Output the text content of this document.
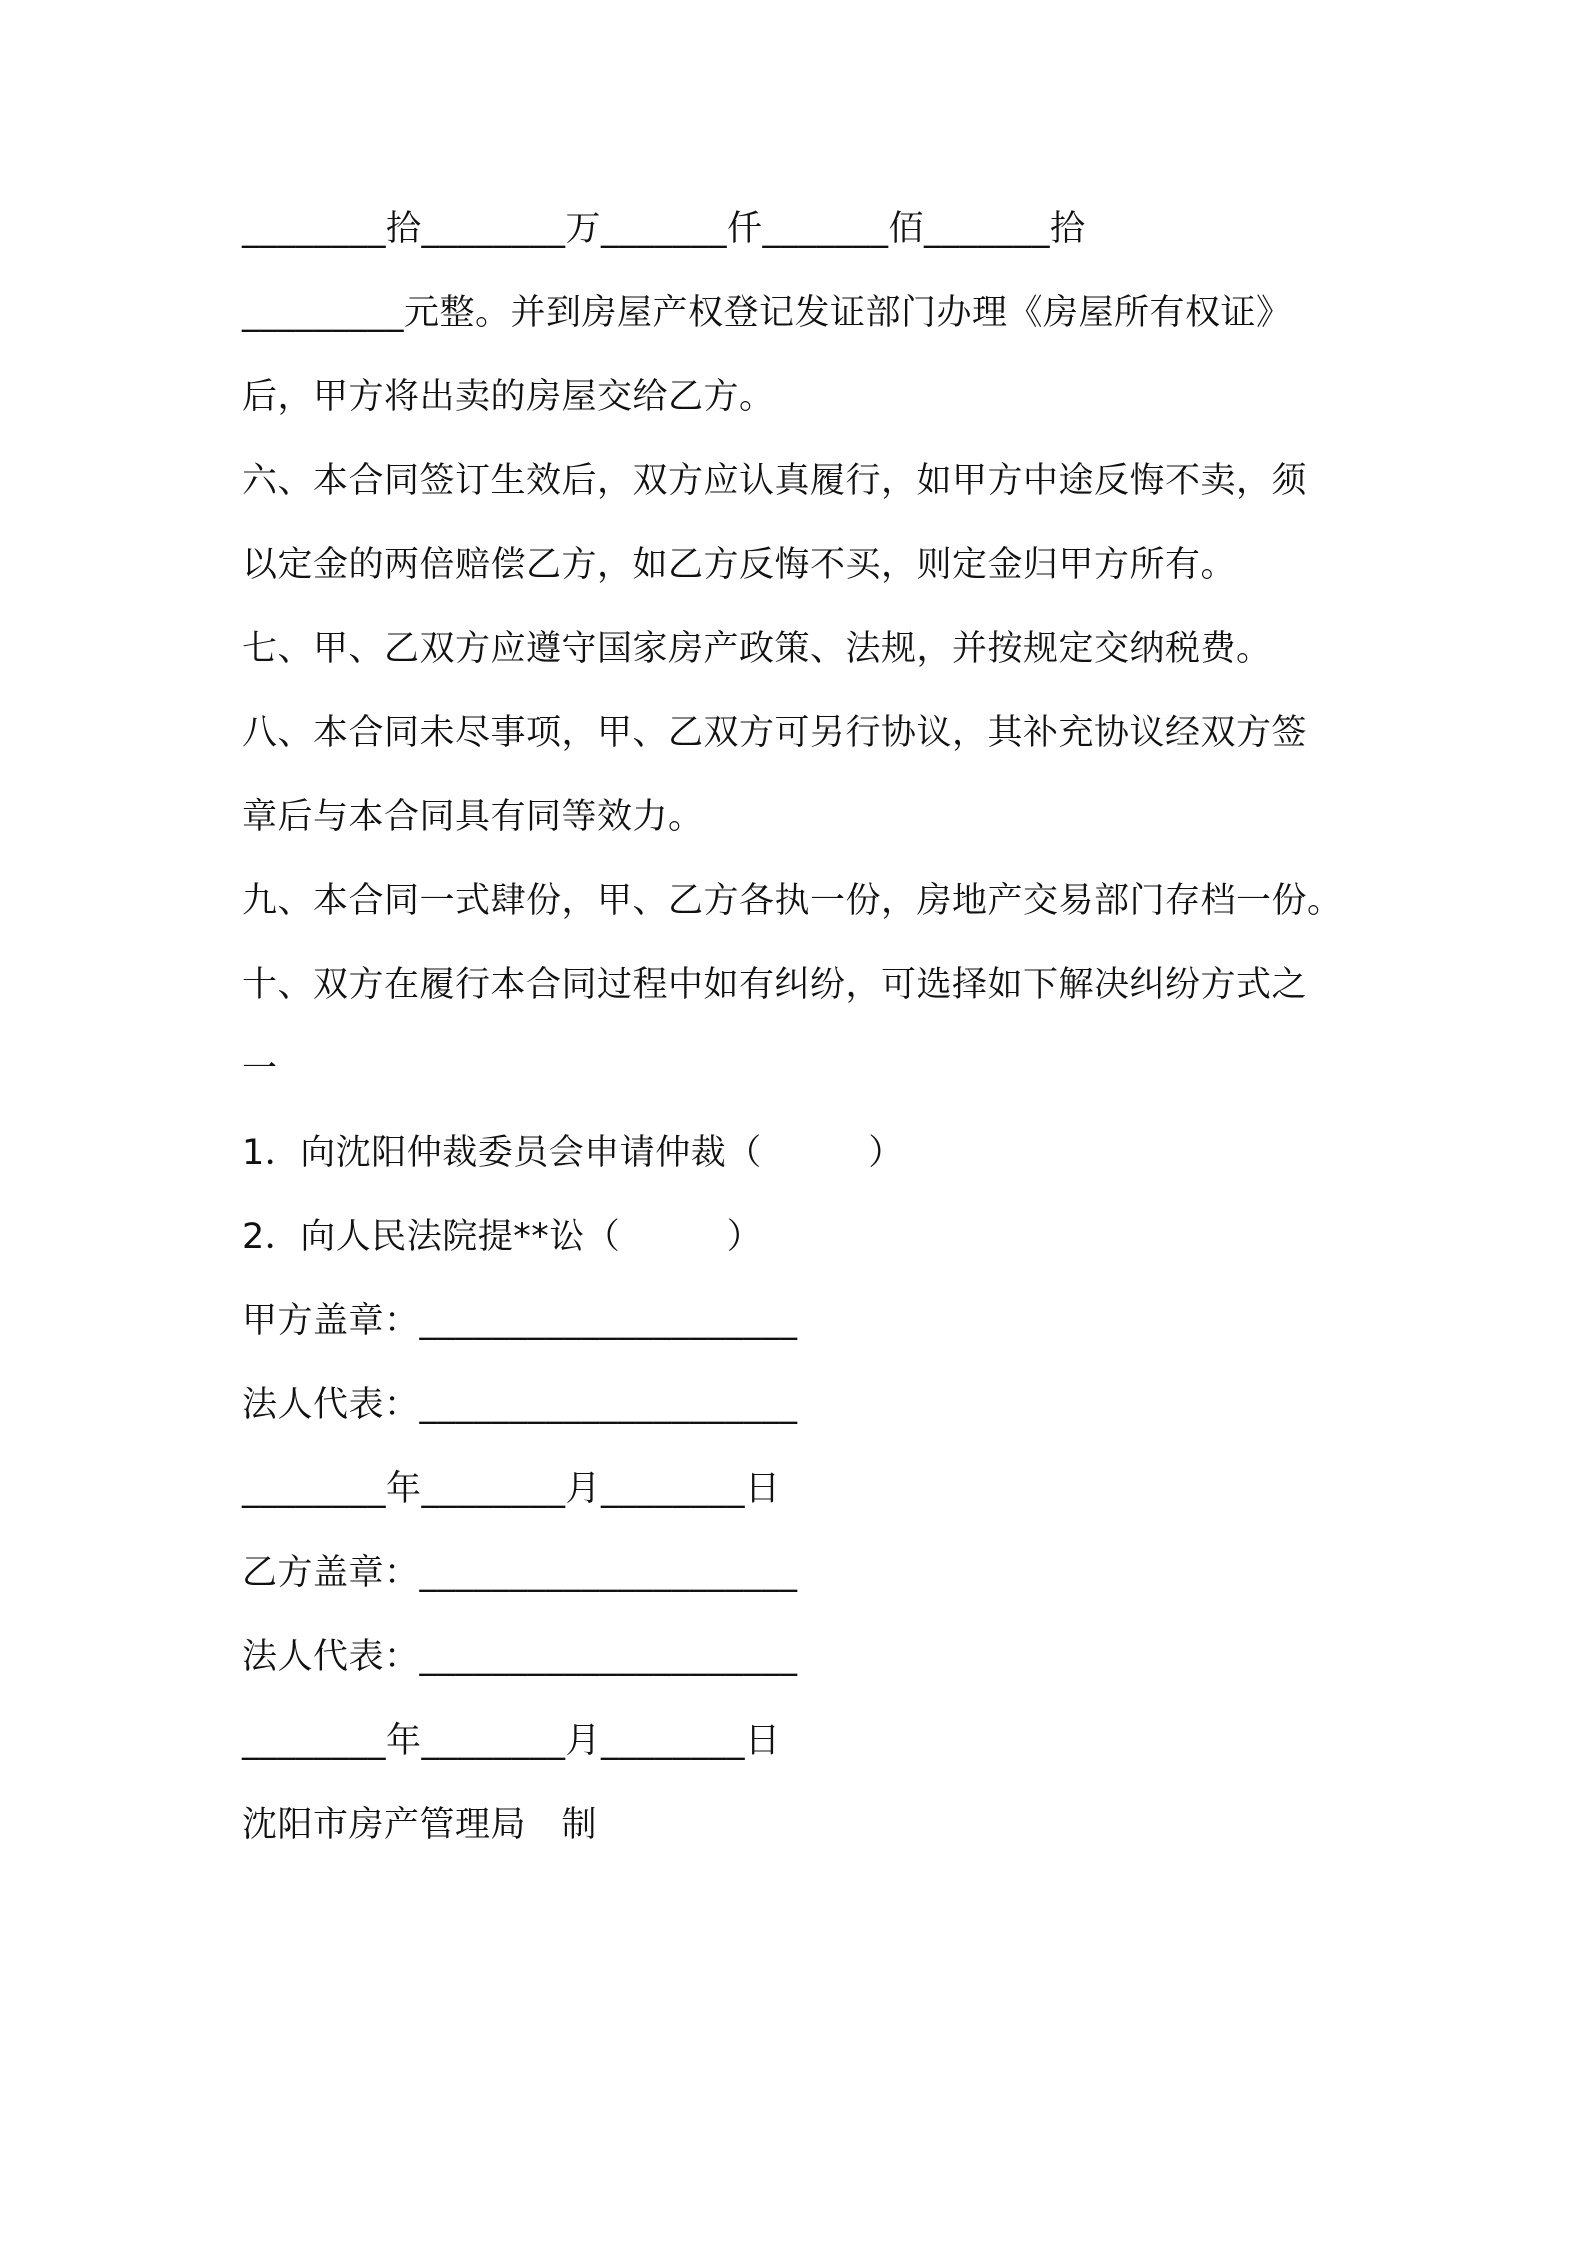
________拾________万_______仟_______佰_______拾
_________元整。并到房屋产权登记发证部门办理《房屋所有权证》
后，甲方将出卖的房屋交给乙方。
六、本合同签订生效后，双方应认真履行，如甲方中途反悔不卖，须
以定金的两倍赔偿乙方，如乙方反悔不买，则定金归甲方所有。
七、甲、乙双方应遵守国家房产政策、法规，并按规定交纳税费。
八、本合同未尽事项，甲、乙双方可另行协议，其补充协议经双方签
章后与本合同具有同等效力。
九、本合同一式肆份，甲、乙方各执一份，房地产交易部门存档一份。
十、双方在履行本合同过程中如有纠纷，可选择如下解决纠纷方式之
一
1．向沈阳仲裁委员会申请仲裁（　　　）
2．向人民法院提**讼（　　　）
甲方盖章：_____________________
法人代表：_____________________
________年________月________日
乙方盖章：_____________________
法人代表：_____________________
________年________月________日
沈阳市房产管理局　制
